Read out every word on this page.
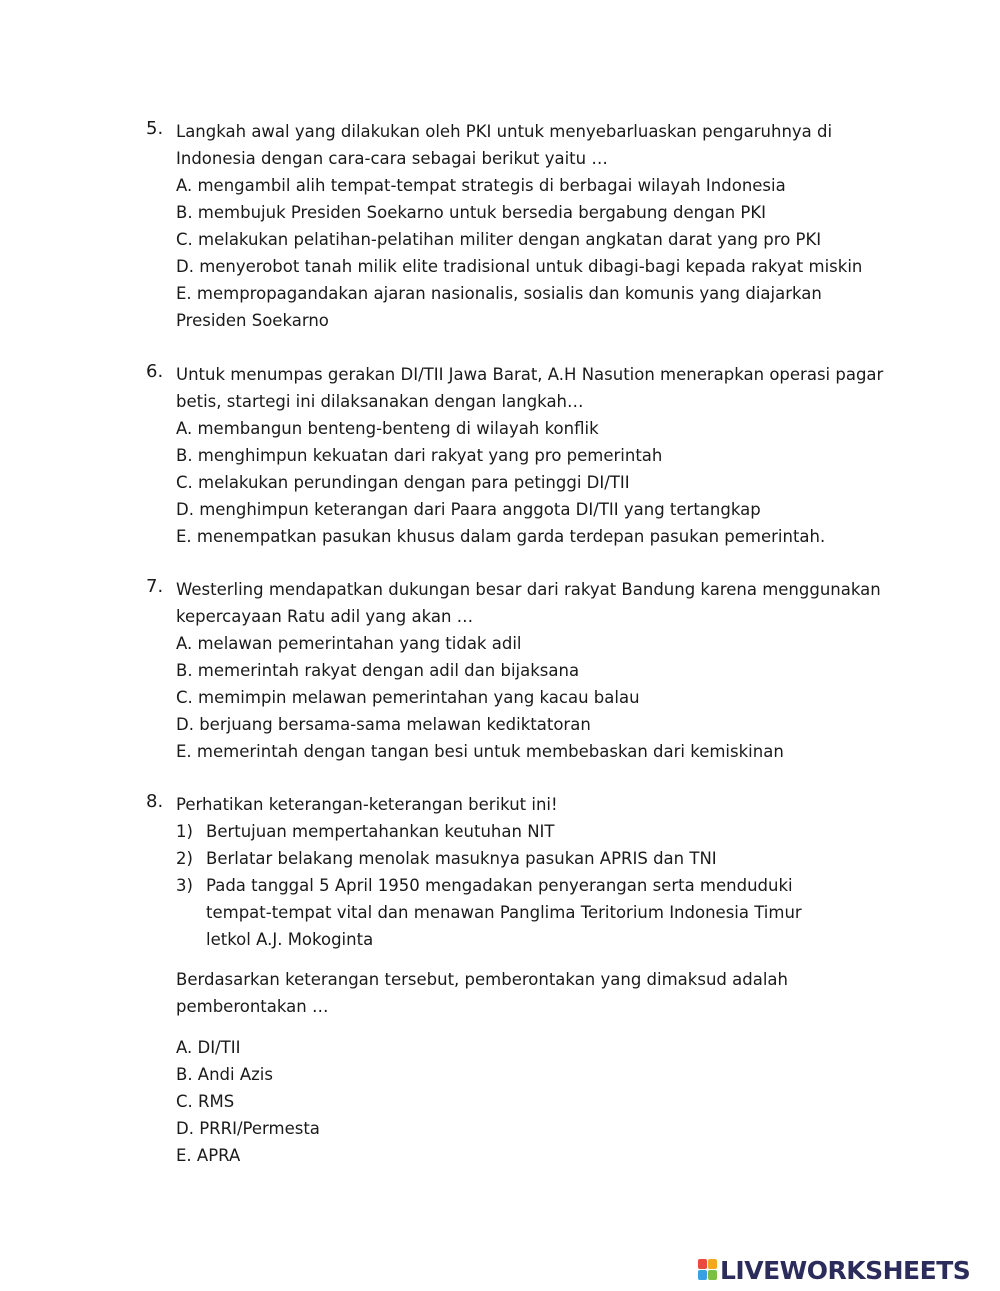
5. Langkah awal yang dilakukan oleh PKI untuk menyebarluaskan pengaruhnya di Indonesia dengan cara-cara sebagai berikut yaitu …
A. mengambil alih tempat-tempat strategis di berbagai wilayah Indonesia
B. membujuk Presiden Soekarno untuk bersedia bergabung dengan PKI
C. melakukan pelatihan-pelatihan militer dengan angkatan darat yang pro PKI
D. menyerobot tanah milik elite tradisional untuk dibagi-bagi kepada rakyat miskin
E. mempropagandakan ajaran nasionalis, sosialis dan komunis yang diajarkan Presiden Soekarno
6. Untuk menumpas gerakan DI/TII Jawa Barat, A.H Nasution menerapkan operasi pagar betis, startegi ini dilaksanakan dengan langkah…
A. membangun benteng-benteng di wilayah konflik
B. menghimpun kekuatan dari rakyat yang pro pemerintah
C. melakukan perundingan dengan para petinggi DI/TII
D. menghimpun keterangan dari Paara anggota DI/TII yang tertangkap
E. menempatkan pasukan khusus dalam garda terdepan pasukan pemerintah.
7. Westerling mendapatkan dukungan besar dari rakyat Bandung karena menggunakan kepercayaan Ratu adil yang akan …
A. melawan pemerintahan yang tidak adil
B. memerintah rakyat dengan adil dan bijaksana
C. memimpin melawan pemerintahan yang kacau balau
D. berjuang bersama-sama melawan kediktatoran
E. memerintah dengan tangan besi untuk membebaskan dari kemiskinan
8. Perhatikan keterangan-keterangan berikut ini!
1) Bertujuan mempertahankan keutuhan NIT
2) Berlatar belakang menolak masuknya pasukan APRIS dan TNI
3) Pada tanggal 5 April 1950 mengadakan penyerangan serta menduduki tempat-tempat vital dan menawan Panglima Teritorium Indonesia Timur letkol A.J. Mokoginta
Berdasarkan keterangan tersebut, pemberontakan yang dimaksud adalah pemberontakan …
A. DI/TII
B. Andi Azis
C. RMS
D. PRRI/Permesta
E. APRA
LIVEWORKSHEETS
